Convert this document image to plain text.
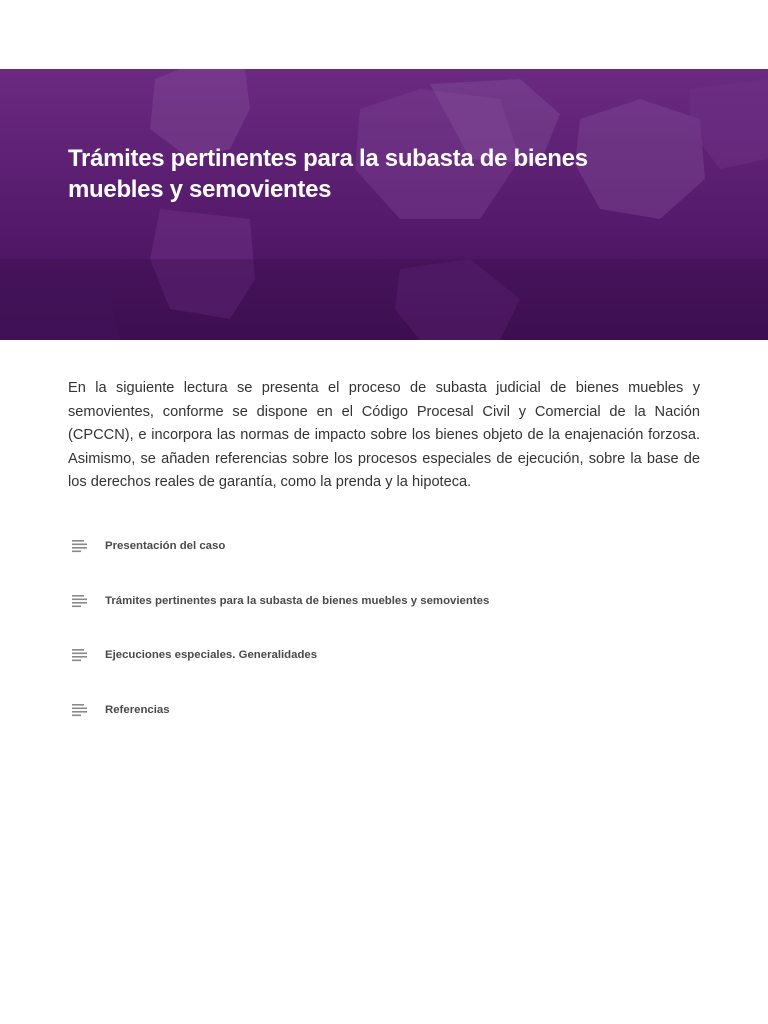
Trámites pertinentes para la subasta de bienes muebles y semovientes

En la siguiente lectura se presenta el proceso de subasta judicial de bienes muebles y semovientes, conforme se dispone en el Código Procesal Civil y Comercial de la Nación (CPCCN), e incorpora las normas de impacto sobre los bienes objeto de la enajenación forzosa. Asimismo, se añaden referencias sobre los procesos especiales de ejecución, sobre la base de los derechos reales de garantía, como la prenda y la hipoteca.

Presentación del caso
Trámites pertinentes para la subasta de bienes muebles y semovientes
Ejecuciones especiales. Generalidades
Referencias
